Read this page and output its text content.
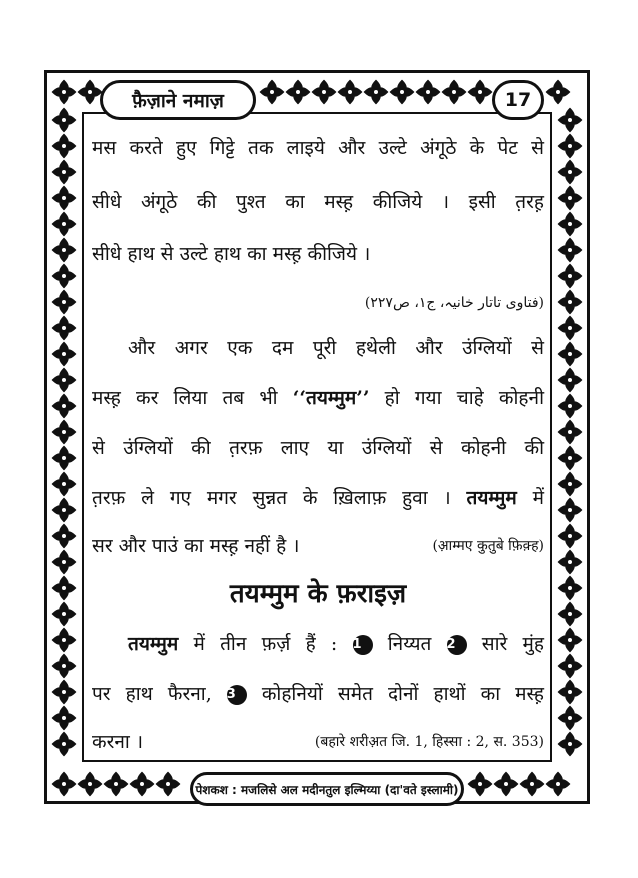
फ़ैज़ाने नमाज़	17
पेशकश : मजलिसे अल मदीनतुल इल्मिय्या (दा'वते इस्लामी)
मस करते हुए गिट्टे तक लाइये और उल्टे अंगूठे के पेट से
सीधे अंगूठे की पुश्त का मस्ह़ कीजिये । इसी त़रह़
सीधे हाथ से उल्टे हाथ का मस्ह़ कीजिये ।
(فتاوی تاتار خانیہ، ج۱، ص۲۲۷)
और अगर एक दम पूरी हथेली और उंग्लियों से
मस्ह़ कर लिया तब भी ‘‘तयम्मुम’’ हो गया चाहे कोहनी
से उंग्लियों की त़रफ़ लाए या उंग्लियों से कोहनी की
त़रफ़ ले गए मगर सुन्नत के ख़िलाफ़ हुवा । तयम्मुम में
सर और पाउं का मस्ह़ नहीं है ।	(आ़म्मए कुतुबे फ़िक़्ह)
तयम्मुम के फ़राइज़
तयम्मुम में तीन फ़र्ज़ हैं : 1 निय्यत 2 सारे मुंह
पर हाथ फैरना, 3 कोहनियों समेत दोनों हाथों का मस्ह़
करना ।	(बहारे शरीअ़त जि. 1, हिस्सा : 2, स. 353)
